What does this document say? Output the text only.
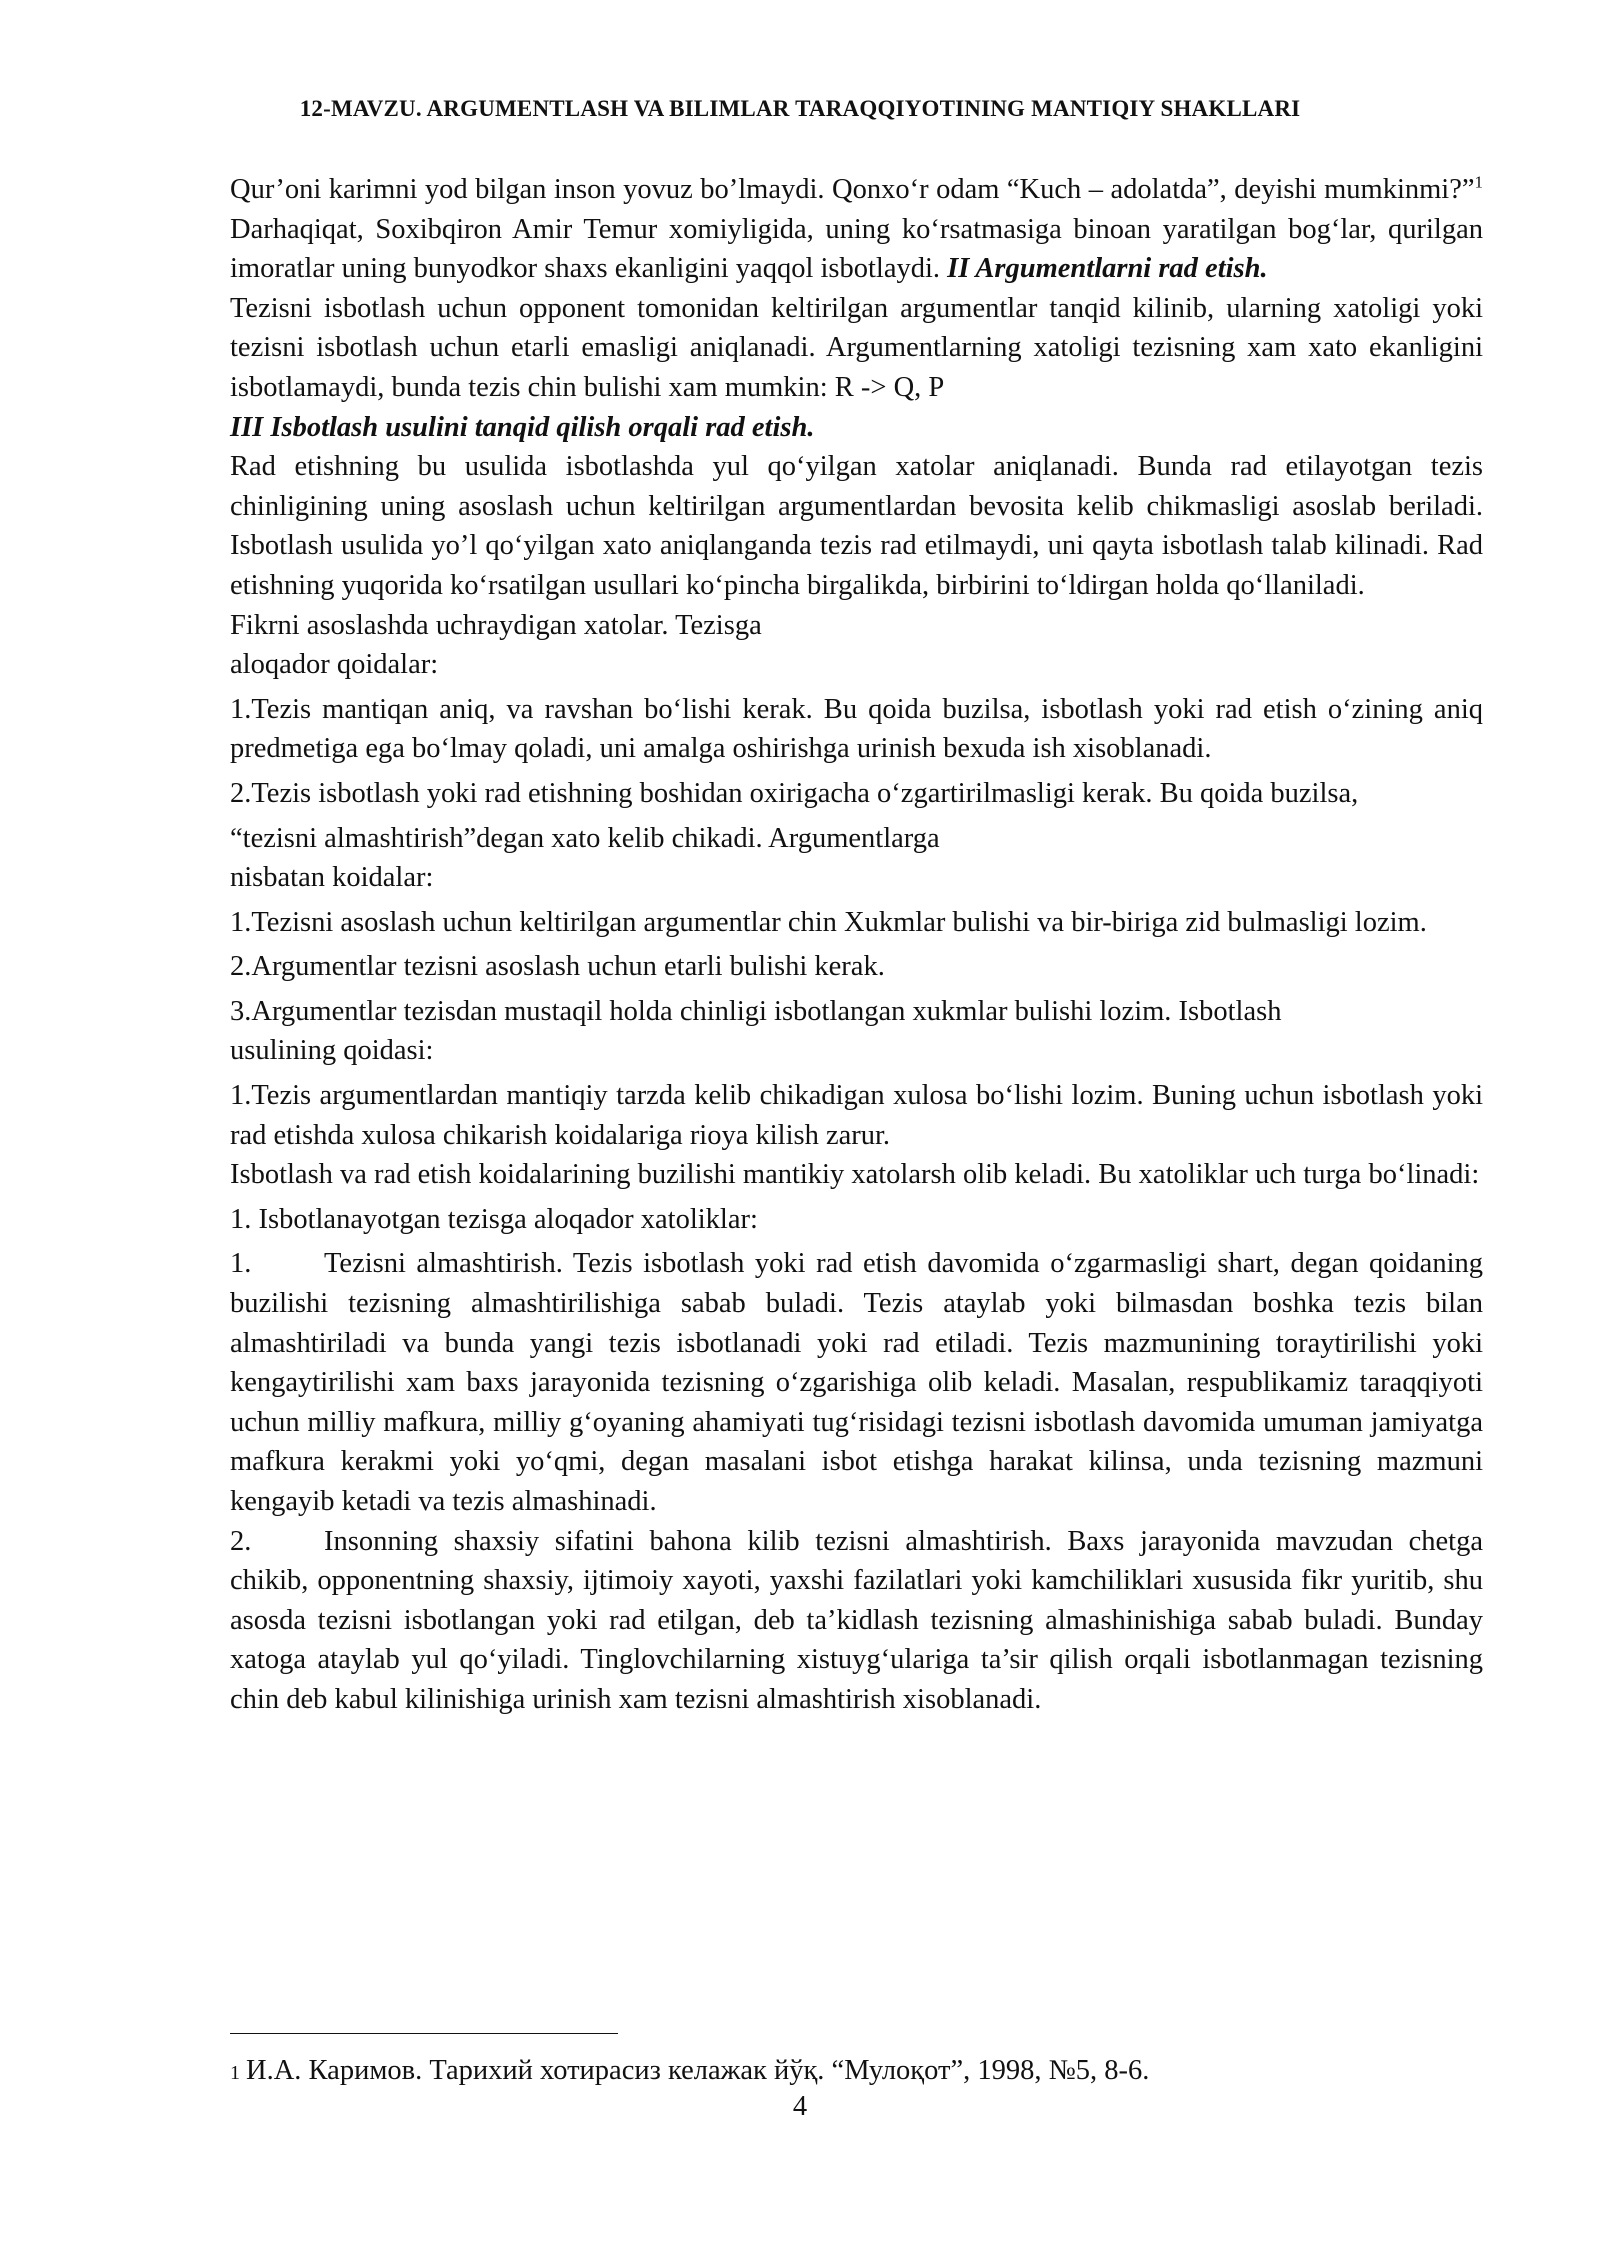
12-MAVZU. ARGUMENTLASH VA BILIMLAR TARAQQIYOTINING MANTIQIY SHAKLLARI

Qur’oni karimni yod bilgan inson yovuz bo’lmaydi. Qonxo‘r odam “Kuch – adolatda”, deyishi mumkinmi?”$^1$ Darhaqiqat, Soxibqiron Amir Temur xomiyligida, uning ko‘rsatmasiga binoan yaratilgan bog‘lar, qurilgan imoratlar uning bunyodkor shaxs ekanligini yaqqol isbotlaydi. II Argumentlarni rad etish.

Tezisni isbotlash uchun opponent tomonidan keltirilgan argumentlar tanqid kilinib, ularning xatoligi yoki tezisni isbotlash uchun etarli emasligi aniqlanadi. Argumentlarning xatoligi tezisning xam xato ekanligini isbotlamaydi, bunda tezis chin bulishi xam mumkin: R -> Q, P

III Isbotlash usulini tanqid qilish orqali rad etish.

Rad etishning bu usulida isbotlashda yul qo‘yilgan xatolar aniqlanadi. Bunda rad etilayotgan tezis chinligining uning asoslash uchun keltirilgan argumentlardan bevosita kelib chikmasligi asoslab beriladi. Isbotlash usulida yo’l qo‘yilgan xato aniqlanganda tezis rad etilmaydi, uni qayta isbotlash talab kilinadi. Rad etishning yuqorida ko‘rsatilgan usullari ko‘pincha birgalikda, birbirini to‘ldirgan holda qo‘llaniladi.

Fikrni asoslashda uchraydigan xatolar. Tezisga

aloqador qoidalar:

1.Tezis mantiqan aniq, va ravshan bo‘lishi kerak. Bu qoida buzilsa, isbotlash yoki rad etish o‘zining aniq predmetiga ega bo‘lmay qoladi, uni amalga oshirishga urinish bexuda ish xisoblanadi.

2.Tezis isbotlash yoki rad etishning boshidan oxirigacha o‘zgartirilmasligi kerak. Bu qoida buzilsa,

“tezisni almashtirish”degan xato kelib chikadi. Argumentlarga

nisbatan koidalar:

1.Tezisni asoslash uchun keltirilgan argumentlar chin Xukmlar bulishi va bir-biriga zid bulmasligi lozim.

2.Argumentlar tezisni asoslash uchun etarli bulishi kerak.

3.Argumentlar tezisdan mustaqil holda chinligi isbotlangan xukmlar bulishi lozim. Isbotlash

usulining qoidasi:

1.Tezis argumentlardan mantiqiy tarzda kelib chikadigan xulosa bo‘lishi lozim. Buning uchun isbotlash yoki rad etishda xulosa chikarish koidalariga rioya kilish zarur.

Isbotlash va rad etish koidalarining buzilishi mantikiy xatolarsh olib keladi. Bu xatoliklar uch turga bo‘linadi:

1. Isbotlanayotgan tezisga aloqador xatoliklar:

1.	Tezisni almashtirish. Tezis isbotlash yoki rad etish davomida o‘zgarmasligi shart, degan qoidaning buzilishi tezisning almashtirilishiga sabab buladi. Tezis ataylab yoki bilmasdan boshka tezis bilan almashtiriladi va bunda yangi tezis isbotlanadi yoki rad etiladi. Tezis mazmunining toraytirilishi yoki kengaytirilishi xam baxs jarayonida tezisning o‘zgarishiga olib keladi. Masalan, respublikamiz taraqqiyoti uchun milliy mafkura, milliy g‘oyaning ahamiyati tug‘risidagi tezisni isbotlash davomida umuman jamiyatga mafkura kerakmi yoki yo‘qmi, degan masalani isbot etishga harakat kilinsa, unda tezisning mazmuni kengayib ketadi va tezis almashinadi.

2.	Insonning shaxsiy sifatini bahona kilib tezisni almashtirish. Baxs jarayonida mavzudan chetga chikib, opponentning shaxsiy, ijtimoiy xayoti, yaxshi fazilatlari yoki kamchiliklari xususida fikr yuritib, shu asosda tezisni isbotlangan yoki rad etilgan, deb ta’kidlash tezisning almashinishiga sabab buladi. Bunday xatoga ataylab yul qo‘yiladi. Tinglovchilarning xistuyg‘ulariga ta’sir qilish orqali isbotlanmagan tezisning chin deb kabul kilinishiga urinish xam tezisni almashtirish xisoblanadi.

1 И.А. Каримов. Тарихий хотирасиз келажак йўқ. “Мулоқот”, 1998, №5, 8-6.
4
